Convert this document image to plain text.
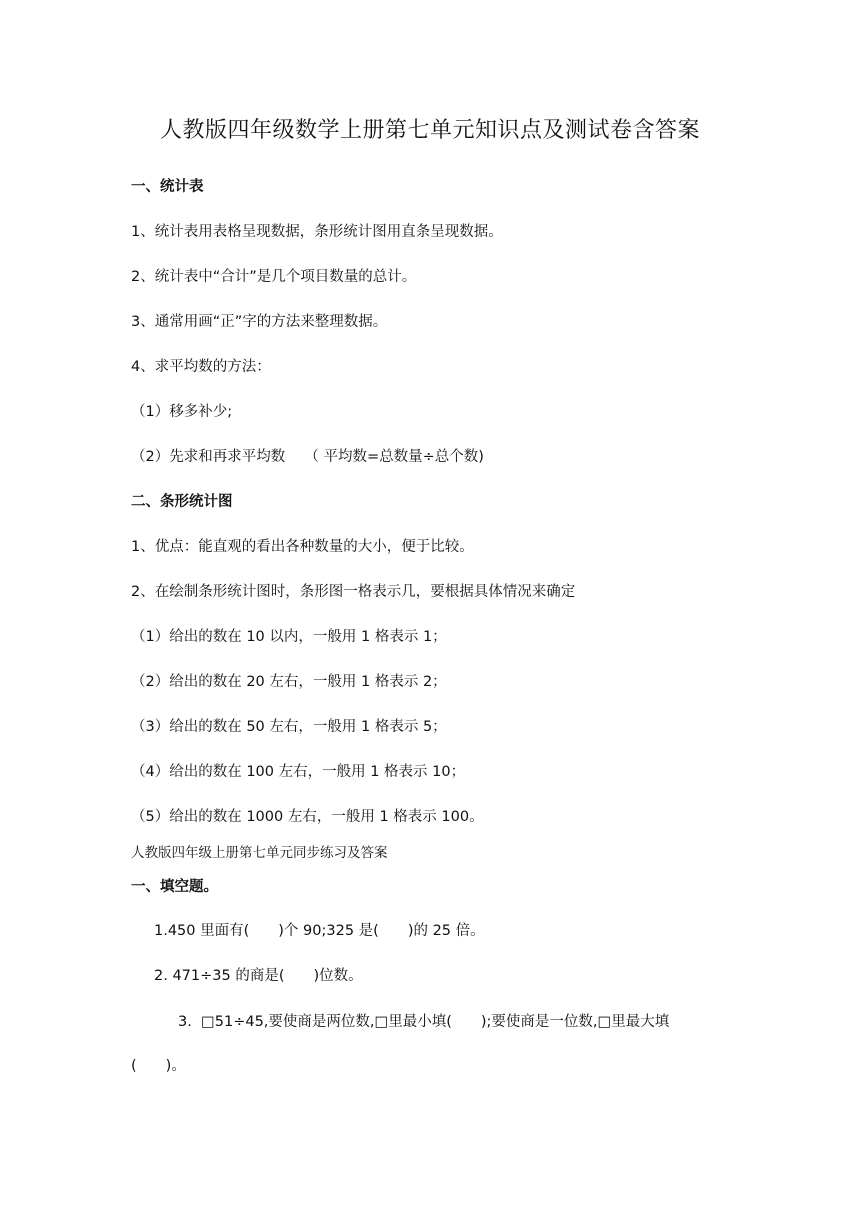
人教版四年级数学上册第七单元知识点及测试卷含答案
一、统计表
1、统计表用表格呈现数据，条形统计图用直条呈现数据。
2、统计表中“合计”是几个项目数量的总计。
3、通常用画“正”字的方法来整理数据。
4、求平均数的方法：
（1）移多补少;
（2）先求和再求平均数　 （ 平均数=总数量÷总个数)
二、条形统计图
1、优点：能直观的看出各种数量的大小，便于比较。
2、在绘制条形统计图时，条形图一格表示几，要根据具体情况来确定
（1）给出的数在 10 以内，一般用 1 格表示 1；
（2）给出的数在 20 左右，一般用 1 格表示 2；
（3）给出的数在 50 左右，一般用 1 格表示 5；
（4）给出的数在 100 左右，一般用 1 格表示 10；
（5）给出的数在 1000 左右，一般用 1 格表示 100。
人教版四年级上册第七单元同步练习及答案
一、填空题。
1.450 里面有(　　)个 90;325 是(　　)的 25 倍。
2. 471÷35 的商是(　　)位数。
3.  □51÷45,要使商是两位数,□里最小填(　　);要使商是一位数,□里最大填
(　　)。
